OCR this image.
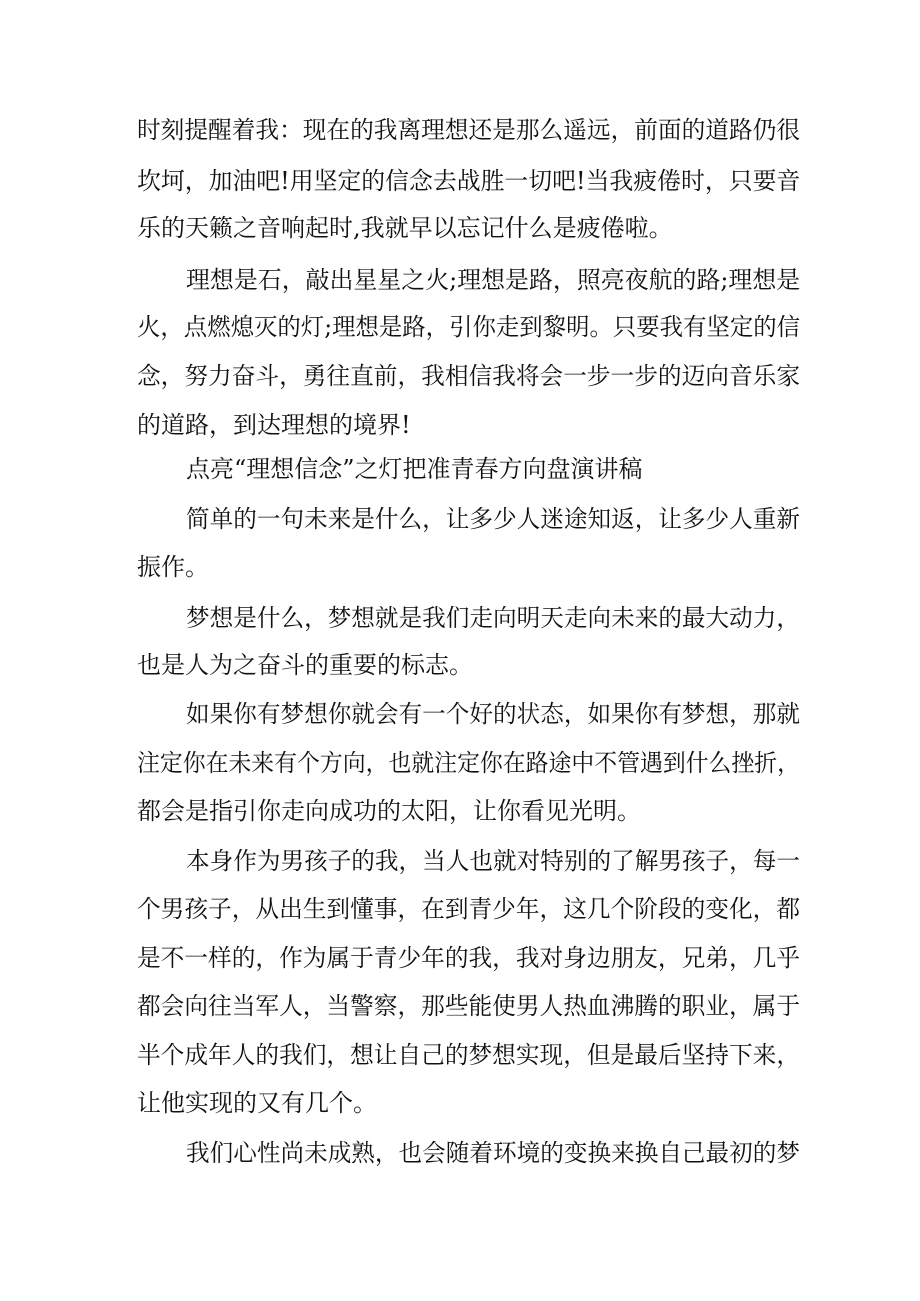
时刻提醒着我：现在的我离理想还是那么遥远，前面的道路仍很
坎坷，加油吧!用坚定的信念去战胜一切吧!当我疲倦时，只要音
乐的天籁之音响起时,我就早以忘记什么是疲倦啦。
理想是石，敲出星星之火;理想是路，照亮夜航的路;理想是
火，点燃熄灭的灯;理想是路，引你走到黎明。只要我有坚定的信
念，努力奋斗，勇往直前，我相信我将会一步一步的迈向音乐家
的道路，到达理想的境界!
点亮“理想信念”之灯把准青春方向盘演讲稿
简单的一句未来是什么，让多少人迷途知返，让多少人重新
振作。
梦想是什么，梦想就是我们走向明天走向未来的最大动力，
也是人为之奋斗的重要的标志。
如果你有梦想你就会有一个好的状态，如果你有梦想，那就
注定你在未来有个方向，也就注定你在路途中不管遇到什么挫折，
都会是指引你走向成功的太阳，让你看见光明。
本身作为男孩子的我，当人也就对特别的了解男孩子，每一
个男孩子，从出生到懂事，在到青少年，这几个阶段的变化，都
是不一样的，作为属于青少年的我，我对身边朋友，兄弟，几乎
都会向往当军人，当警察，那些能使男人热血沸腾的职业，属于
半个成年人的我们，想让自己的梦想实现，但是最后坚持下来，
让他实现的又有几个。
我们心性尚未成熟，也会随着环境的变换来换自己最初的梦
